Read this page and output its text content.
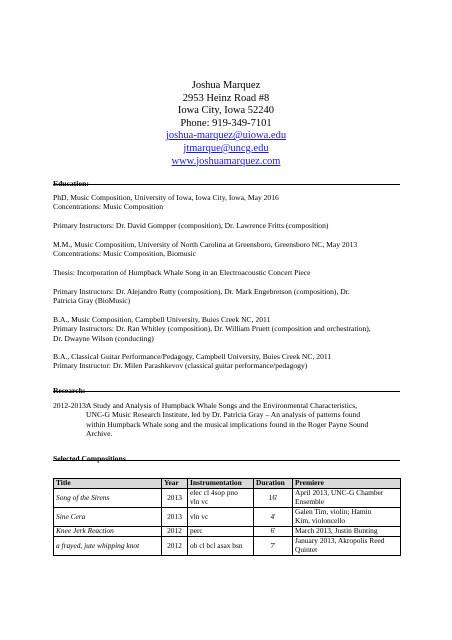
Joshua Marquez
2953 Heinz Road #8
Iowa City, Iowa 52240
Phone: 919-349-7101
joshua-marquez@uiowa.edu
jtmarque@uncg.edu
www.joshuamarquez.com
Education:
PhD, Music Composition, University of Iowa, Iowa City, Iowa, May 2016
Concentrations: Music Composition
Primary Instructors: Dr. David Gompper (composition), Dr. Lawrence Fritts (composition)
M.M., Music Composition, University of North Carolina at Greensboro, Greensboro NC, May 2013
Concentrations: Music Composition, Biomusic
Thesis: Incorporation of Humpback Whale Song in an Electroacoustic Concert Piece
Primary Instructors: Dr. Alejandro Rutty (composition), Dr. Mark Engebretson (composition), Dr.
Patricia Gray (BioMusic)
B.A., Music Composition, Campbell University, Buies Creek NC, 2011
Primary Instructors: Dr. Ran Whitley (composition), Dr. William Pruett (composition and orchestration),
Dr. Dwayne Wilson (conducting)
B.A., Classical Guitar Performance/Pedagogy, Campbell University, Buies Creek NC, 2011
Primary Instructor: Dr. Milen Parashkevov (classical guitar performance/pedagogy)
Research:
2012-2013:
A Study and Analysis of Humpback Whale Songs and the Environmental Characteristics,
UNC-G Music Research Institute, led by Dr. Patricia Gray – An analysis of patterns found
within Humpback Whale song and the musical implications found in the Roger Payne Sound
Archive.
Selected Compositions
Title	Year	Instrumentation	Duration	Premiere
Song of the Sirens	2013	elec cl 4sop pno
vln vc	16'	April 2013, UNC-G Chamber
Ensemble
Sine Cera	2013	vln vc	4'	Galen Tim, violin; Hamin
Kim, violoncello
Knee Jerk Reaction	2012	perc	6'	March 2013, Justin Bunting
a frayed, jute whipping knot	2012	ob cl bcl asax bsn	7'	January 2013, Akropolis Reed
Quintet
